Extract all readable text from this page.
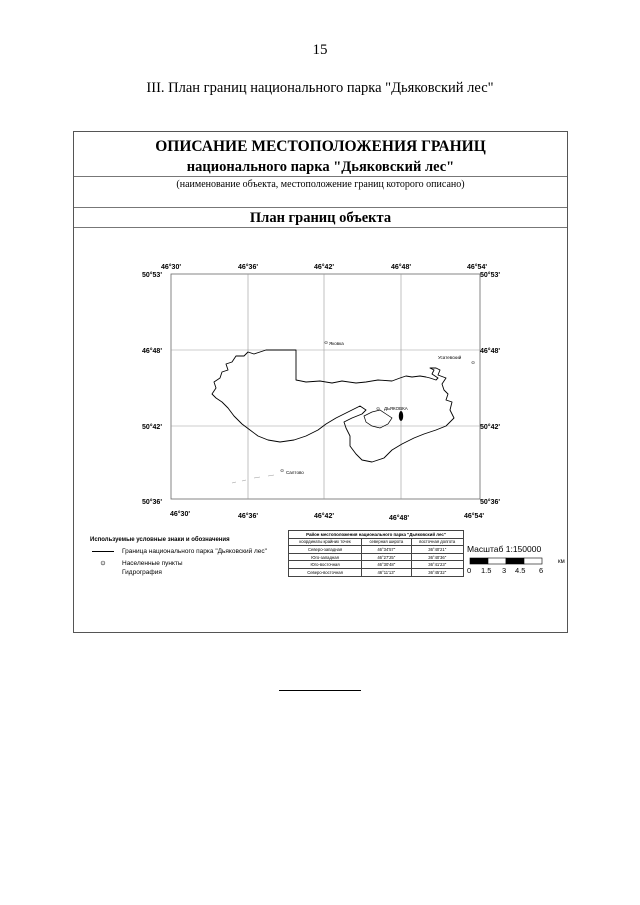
15
III. План границ национального парка "Дьяковский лес"
ОПИСАНИЕ МЕСТОПОЛОЖЕНИЯ ГРАНИЦ
национального парка "Дьяковский лес"
(наименование объекта, местоположение границ которого описано)
План границ объекта
46°30'	46°36'	46°42'	46°48'	46°54'
46°30'	46°36'	46°42'	46°48'	46°54'
50°53'
46°48'
50°42'
50°36'
50°53'
46°48'
50°42'
50°36'
⊙ Яковка
⊙
Усатевский
⊙ ДЬЯКОВКА
⊙ Салтово
Используемые условные знаки и обозначения
Граница национального парка "Дьяковский лес"
⊙	Населенные пункты
Гидрография
Район местоположения национального парка "Дьяковский лес"		
координаты крайних точек	северная широта	восточная долгота
Северо-западная	46°34'57''	36°40'21''
Юго-западная	46°27'25''	36°40'36''
Юго-восточная	46°30'48''	36°41'23''
Северо-восточная	46°11'13''	36°45'32''
Масштаб 1:150000
км
0 1.5 3 4.5 6
